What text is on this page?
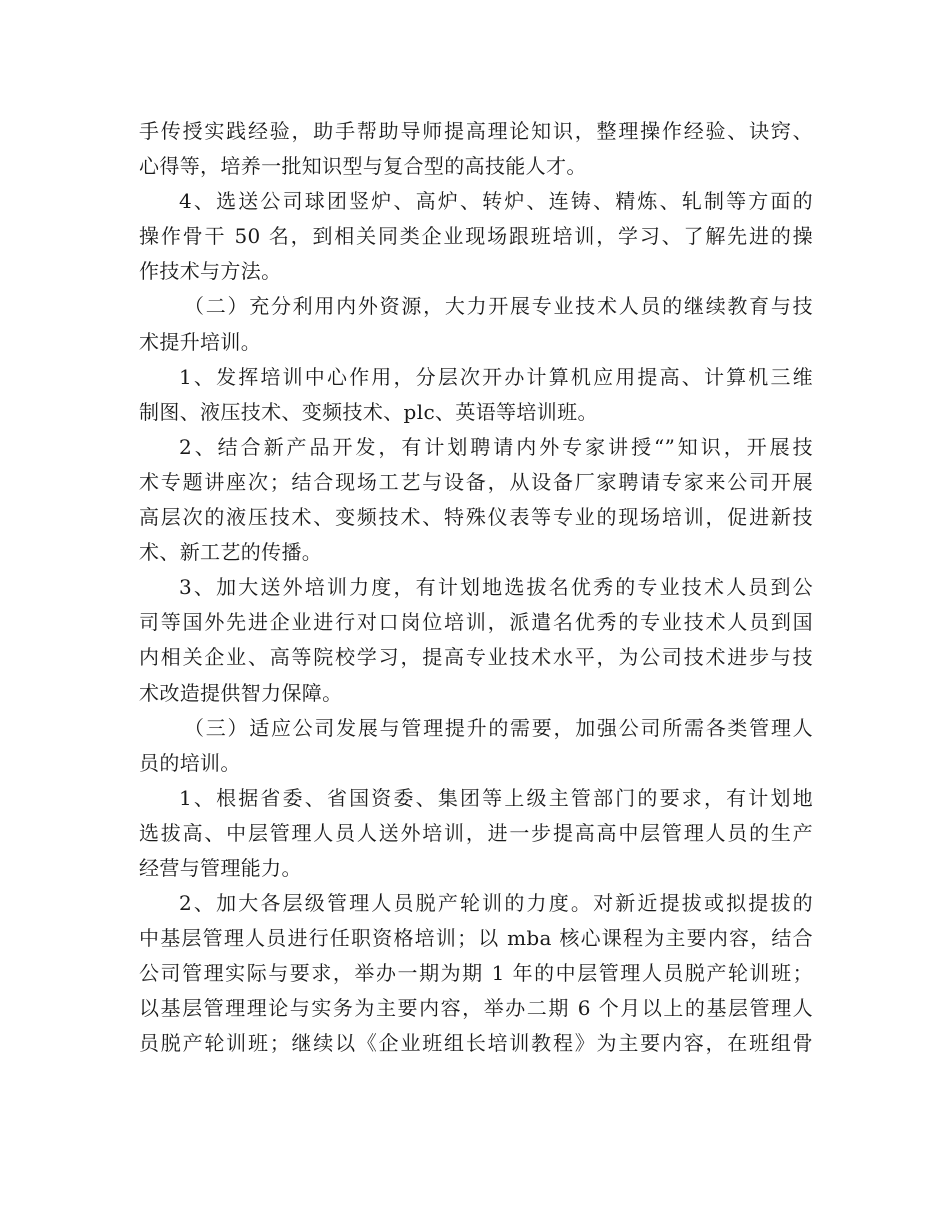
手传授实践经验，助手帮助导师提高理论知识，整理操作经验、诀窍、
心得等，培养一批知识型与复合型的高技能人才。
4、选送公司球团竖炉、高炉、转炉、连铸、精炼、轧制等方面的
操作骨干 50 名，到相关同类企业现场跟班培训，学习、了解先进的操
作技术与方法。
（二）充分利用内外资源，大力开展专业技术人员的继续教育与技
术提升培训。
1、发挥培训中心作用，分层次开办计算机应用提高、计算机三维
制图、液压技术、变频技术、plc、英语等培训班。
2、结合新产品开发，有计划聘请内外专家讲授“”知识，开展技
术专题讲座次；结合现场工艺与设备，从设备厂家聘请专家来公司开展
高层次的液压技术、变频技术、特殊仪表等专业的现场培训，促进新技
术、新工艺的传播。
3、加大送外培训力度，有计划地选拔名优秀的专业技术人员到公
司等国外先进企业进行对口岗位培训，派遣名优秀的专业技术人员到国
内相关企业、高等院校学习，提高专业技术水平，为公司技术进步与技
术改造提供智力保障。
（三）适应公司发展与管理提升的需要，加强公司所需各类管理人
员的培训。
1、根据省委、省国资委、集团等上级主管部门的要求，有计划地
选拔高、中层管理人员人送外培训，进一步提高高中层管理人员的生产
经营与管理能力。
2、加大各层级管理人员脱产轮训的力度。对新近提拔或拟提拔的
中基层管理人员进行任职资格培训；以 mba 核心课程为主要内容，结合
公司管理实际与要求，举办一期为期 1 年的中层管理人员脱产轮训班；
以基层管理理论与实务为主要内容，举办二期 6 个月以上的基层管理人
员脱产轮训班；继续以《企业班组长培训教程》为主要内容，在班组骨
